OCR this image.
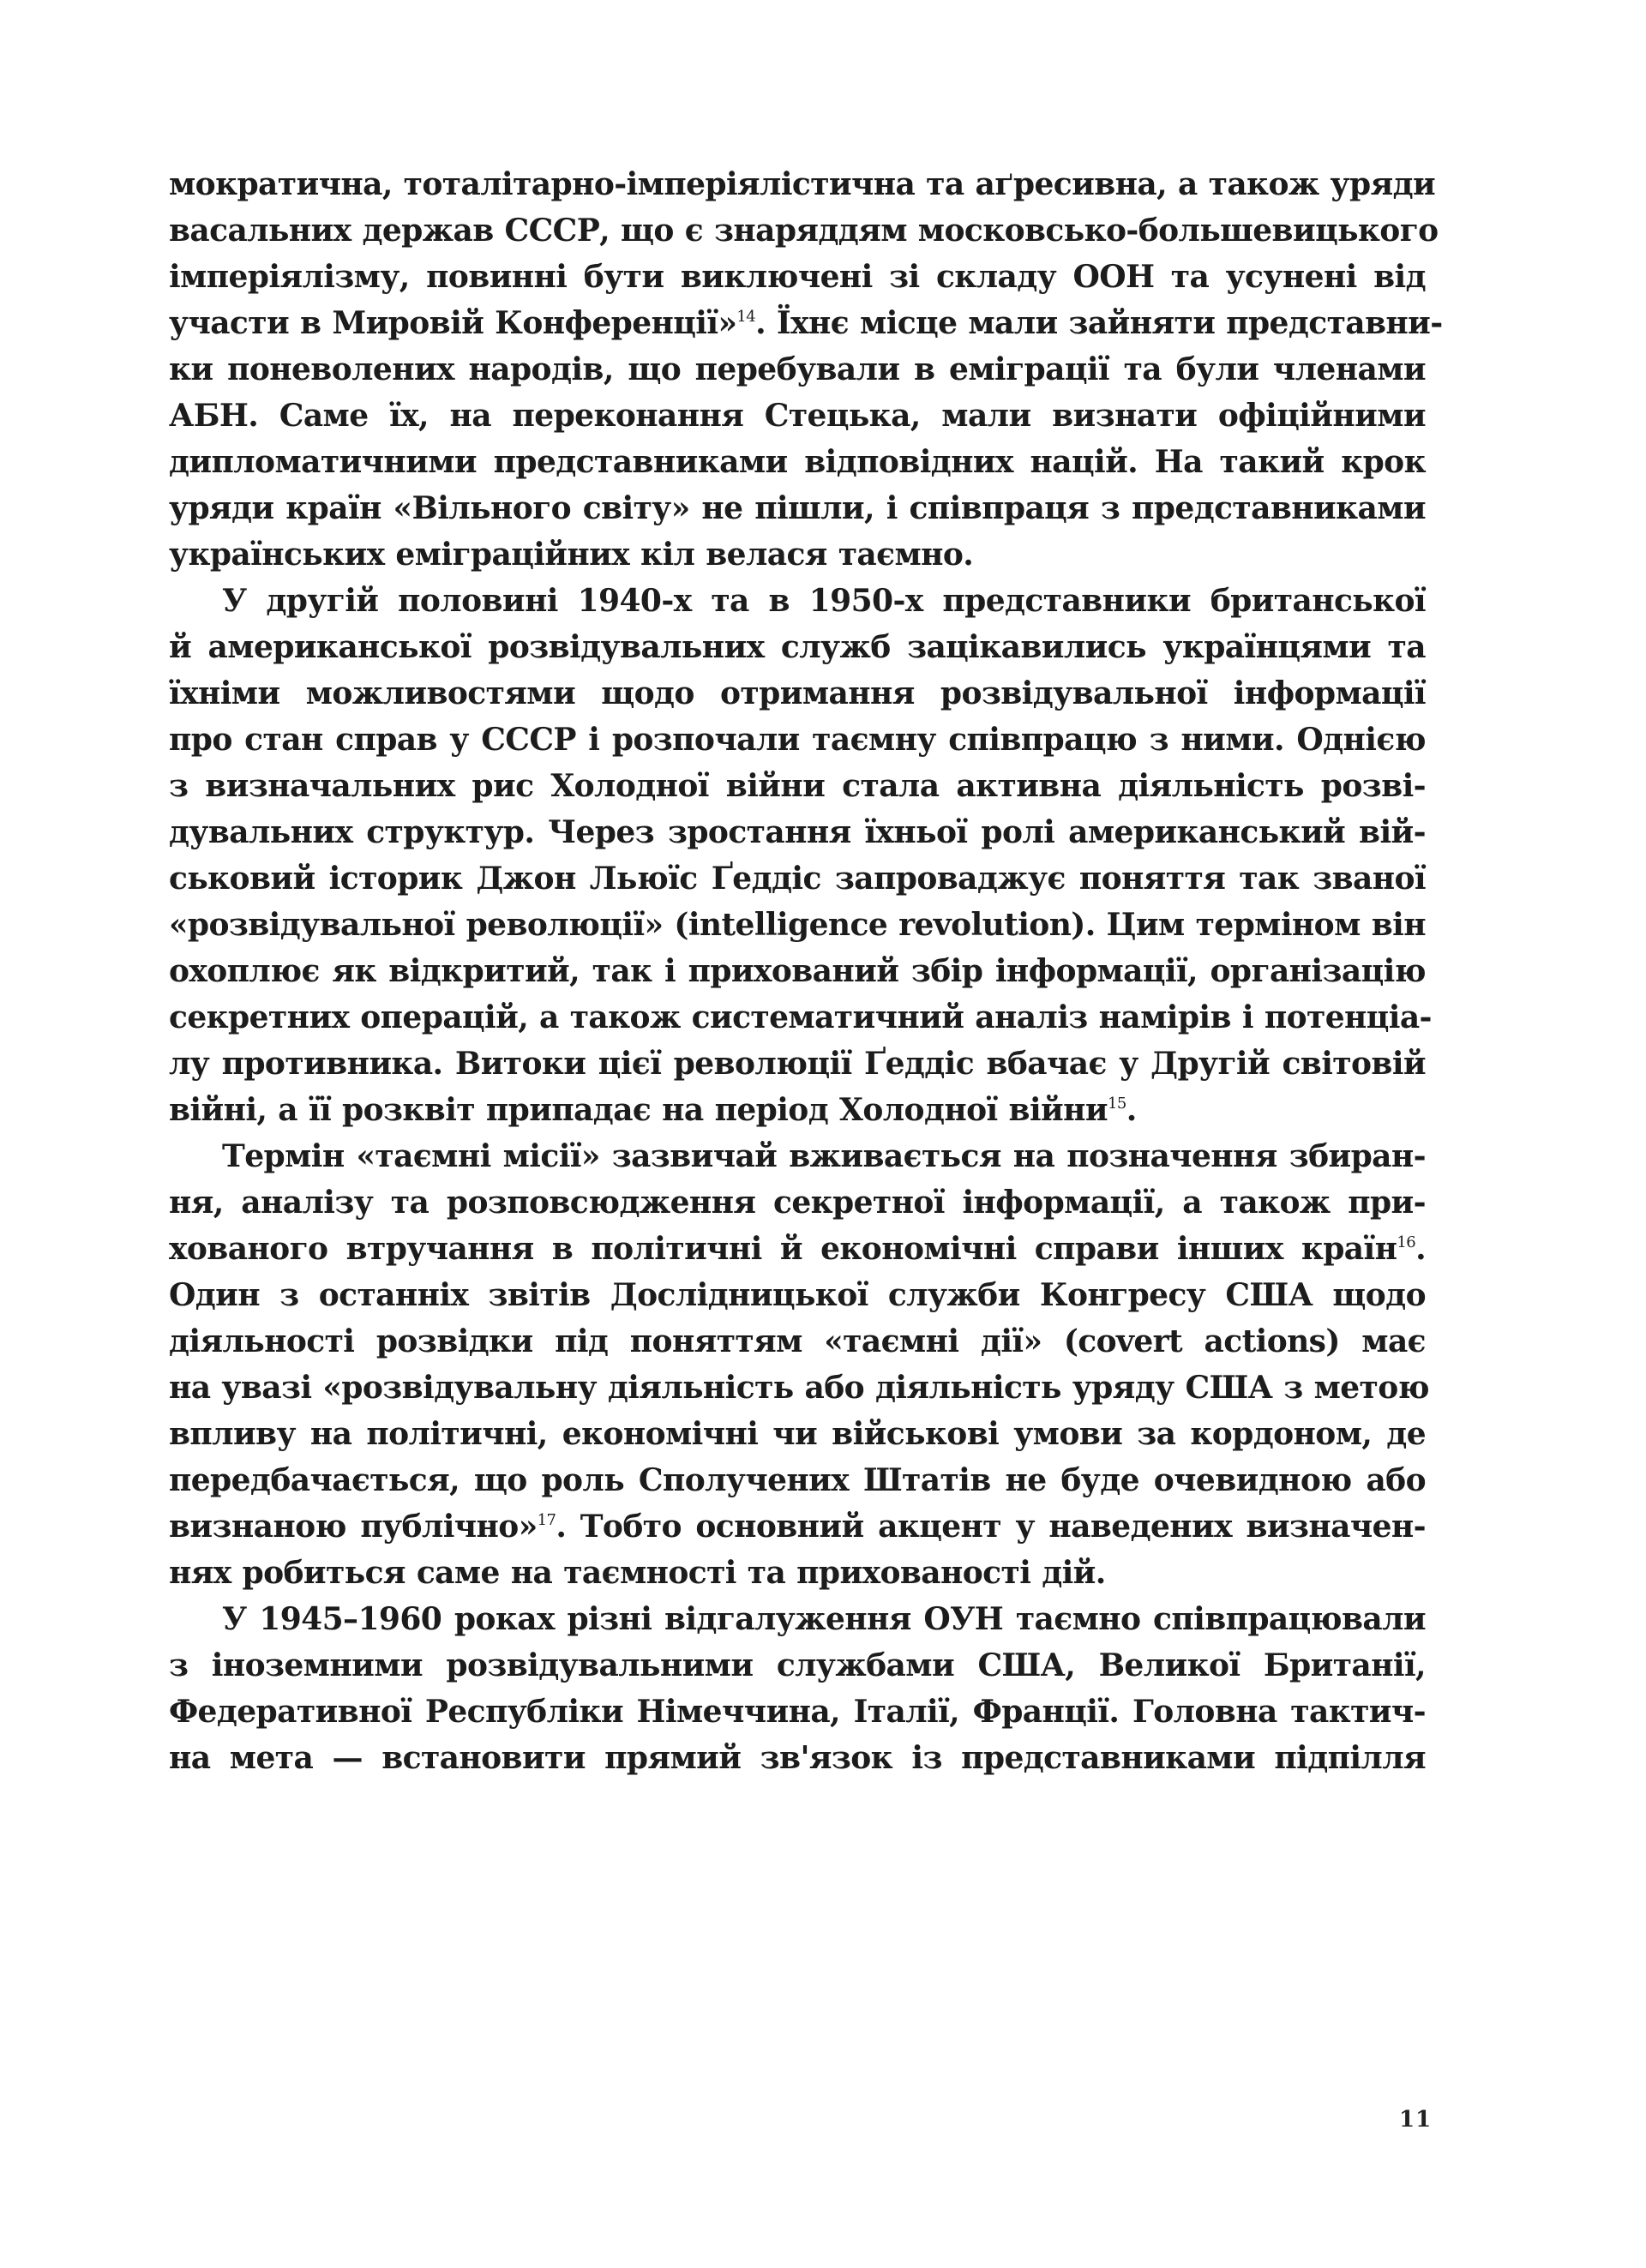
мократична, тоталітарно-імперіялістична та аґресивна, а також уряди
васальних держав СССР, що є знаряддям московсько-большевицького
імперіялізму, повинні бути виключені зі складу ООН та усунені від
участи в Мировій Конференції»$^{14}$. Їхнє місце мали зайняти представни-
ки поневолених народів, що перебували в еміграції та були членами
АБН. Саме їх, на переконання Стецька, мали визнати офіційними
дипломатичними представниками відповідних націй. На такий крок
уряди країн «Вільного світу» не пішли, і співпраця з представниками
українських еміграційних кіл велася таємно.
У другій половині 1940-х та в 1950-х представники британської
й американської розвідувальних служб зацікавились українцями та
їхніми можливостями щодо отримання розвідувальної інформації
про стан справ у СССР і розпочали таємну співпрацю з ними. Однією
з визначальних рис Холодної війни стала активна діяльність розві-
дувальних структур. Через зростання їхньої ролі американський вій-
ськовий історик Джон Льюїс Ґеддіс запроваджує поняття так званої
«розвідувальної революції» (intelligence revolution). Цим терміном він
охоплює як відкритий, так і прихований збір інформації, організацію
секретних операцій, а також систематичний аналіз намірів і потенціа-
лу противника. Витоки цієї революції Ґеддіс вбачає у Другій світовій
війні, а її розквіт припадає на період Холодної війни$^{15}$.
Термін «таємні місії» зазвичай вживається на позначення збиран-
ня, аналізу та розповсюдження секретної інформації, а також при-
хованого втручання в політичні й економічні справи інших країн$^{16}$.
Один з останніх звітів Дослідницької служби Конгресу США щодо
діяльності розвідки під поняттям «таємні дії» (covert actions) має
на увазі «розвідувальну діяльність або діяльність уряду США з метою
впливу на політичні, економічні чи військові умови за кордоном, де
передбачається, що роль Сполучених Штатів не буде очевидною або
визнаною публічно»$^{17}$. Тобто основний акцент у наведених визначен-
нях робиться саме на таємності та прихованості дій.
У 1945–1960 роках різні відгалуження ОУН таємно співпрацювали
з іноземними розвідувальними службами США, Великої Британії,
Федеративної Республіки Німеччина, Італії, Франції. Головна тактич-
на мета — встановити прямий зв'язок із представниками підпілля
11
